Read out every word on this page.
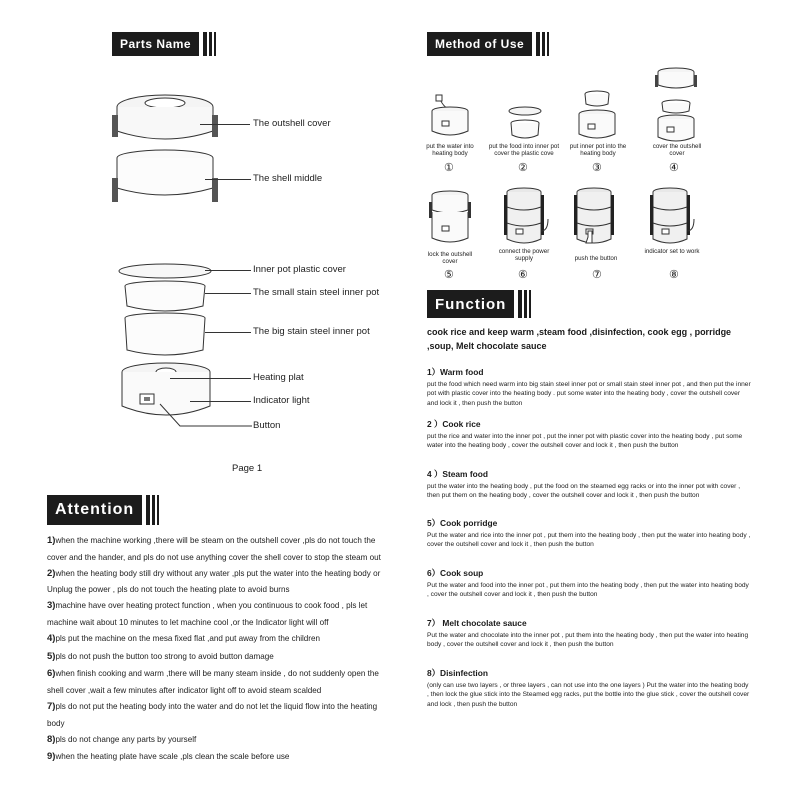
Parts Name
The outshell cover
The shell middle
Inner pot plastic cover
The small stain steel inner pot
The big stain steel inner pot
Heating plat
Indicator light
Button
Page 1
Method of Use
put the water into heating body
put the food into inner pot cover the plastic cove
put inner pot into the heating body
cover the outshell cover
①	②	③	④
lock the outshell cover
connect the power supply	push the button
indicator set to work
⑤	⑥	⑦	⑧
Function
cook rice and keep warm ,steam food ,disinfection, cook egg , porridge ,soup, Melt chocolate sauce
1）Warm food
put the food which need warm into big stain steel inner pot or small stain steel inner pot , and then put the inner pot with plastic cover into the heating body . put some water into the heating body , cover the outshell cover and lock it , then push the button
2 ）Cook rice
put the rice and water into the inner pot , put the inner pot with plastic cover into the heating body , put some water into the heating body , cover the outshell cover and lock it , then push the button
4 ）Steam food
put the water into the heating body , put the food on the steamed egg racks or into the inner pot with cover , then put them on the heating body , cover the outshell cover and lock it , then push the button
5）Cook porridge
Put the water and rice into the inner pot , put them into the heating body , then put the water into heating body , cover the outshell cover and lock it , then push the button
6）Cook soup
Put the water and food into the inner pot , put them into the heating body , then put the water into heating body , cover the outshell cover and lock it , then push the button
7） Melt chocolate sauce
Put the water and chocolate into the inner pot , put them into the heating body , then put the water into heating body , cover the outshell cover and lock it , then push the button
8）Disinfection
(only can use two layers , or three layers , can not use into the one layers ) Put the water into the heating body , then lock the glue stick into the Steamed egg racks, put the bottle into the glue stick , cover the outshell cover and lock , then push the button
Attention
1)when the machine working ,there will be steam on the outshell cover ,pls do not touch the cover and the hander, and pls do not use anything cover the shell cover to stop the steam out
2)when the heating body still dry without any water ,pls put the water into the heating body or Unplug the power , pls do not touch the heating plate to avoid burns
3)machine have over heating protect function , when you continuous to cook food , pls let machine wait about 10 minutes to let machine cool ,or the Indicator light will off
4)pls put the machine on the mesa fixed flat ,and put away from the children
5)pls do not push the button too strong to avoid button damage
6)when finish cooking and warm ,there will be many steam inside , do not suddenly open the shell cover ,wait a few minutes after indicator light off to avoid steam scalded
7)pls do not put the heating body into the water and do not let the liquid flow into the heating body
8)pls do not change any parts by yourself
9)when the heating plate have scale ,pls clean the scale before use
